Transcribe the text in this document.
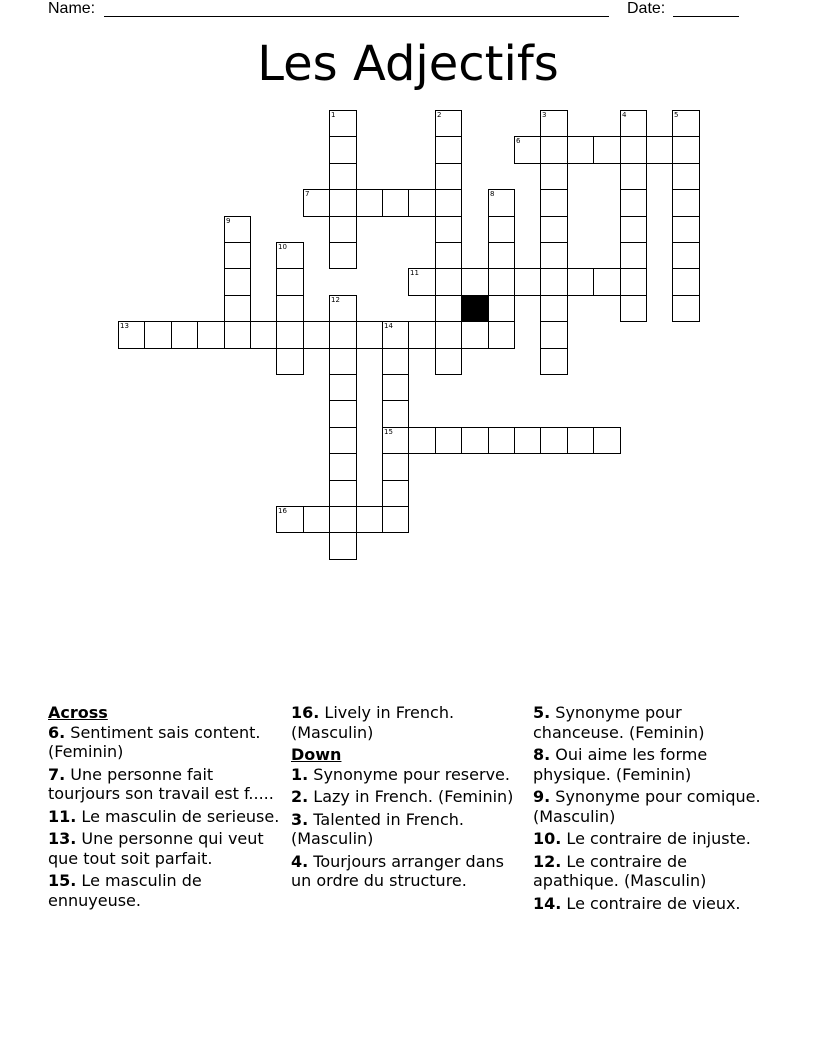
Name:	Date:
Les Adjectifs
6
7
11
13	14
15
16
1	2	3	4	5
8
9
10
12
Across
6. Sentiment sais content. (Feminin)
7. Une personne fait tourjours son travail est f.....
11. Le masculin de serieuse.
13. Une personne qui veut que tout soit parfait.
15. Le masculin de ennuyeuse.
16. Lively in French. (Masculin)
Down
1. Synonyme pour reserve.
2. Lazy in French. (Feminin)
3. Talented in French. (Masculin)
4. Tourjours arranger dans un ordre du structure.
5. Synonyme pour chanceuse. (Feminin)
8. Oui aime les forme physique. (Feminin)
9. Synonyme pour comique. (Masculin)
10. Le contraire de injuste.
12. Le contraire de apathique. (Masculin)
14. Le contraire de vieux.
